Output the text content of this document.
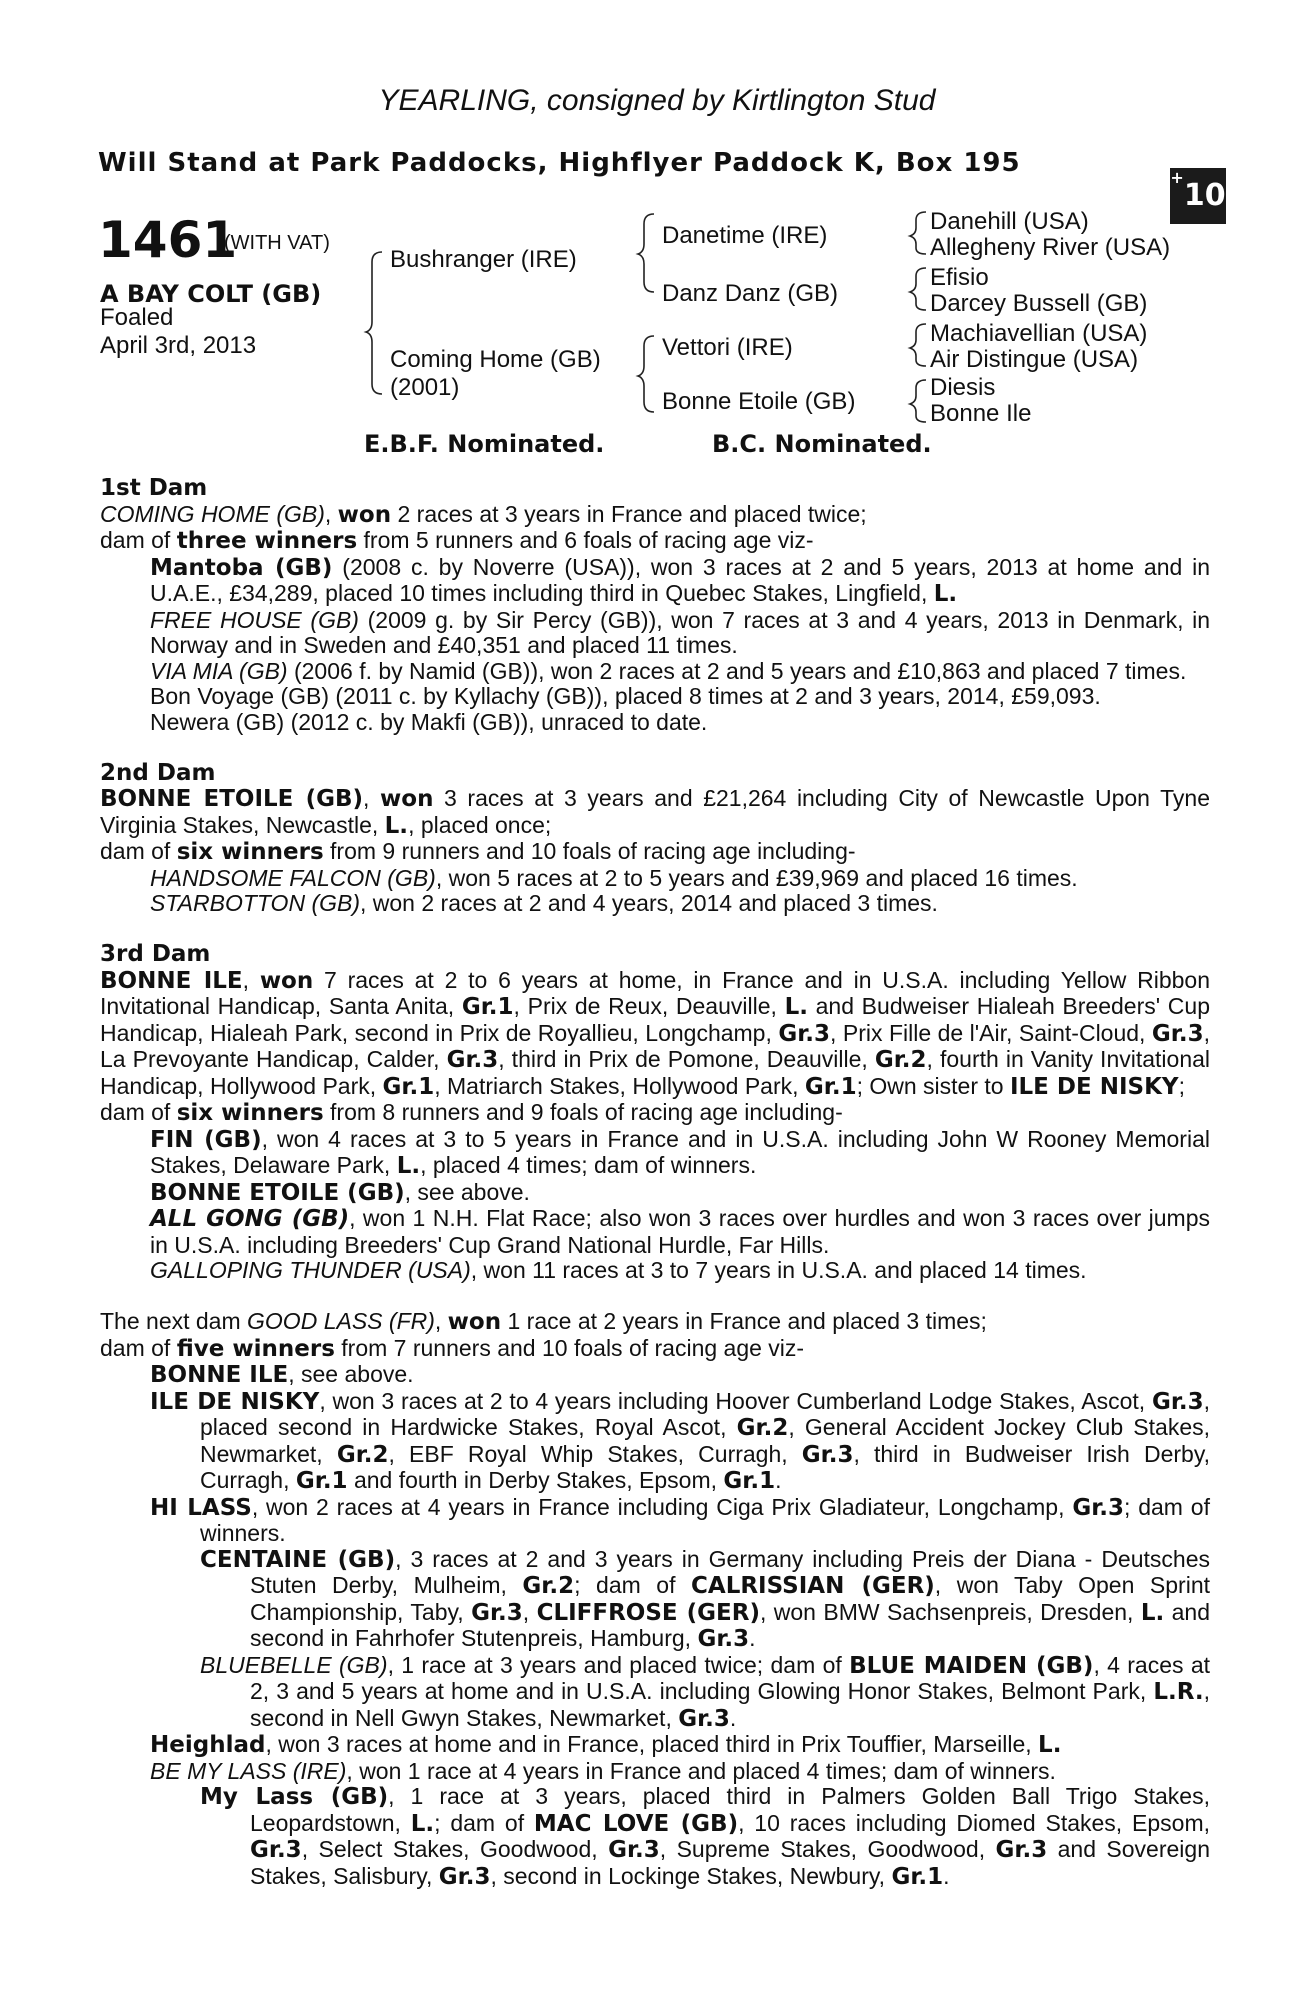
YEARLING, consigned by Kirtlington Stud
Will Stand at Park Paddocks, Highflyer Paddock K, Box 195	+10
1461
(WITH VAT)
A BAY COLT (GB)
Foaled
April 3rd, 2013
Bushranger (IRE)
Coming Home (GB)
(2001)
Danetime (IRE)
Danz Danz (GB)
Vettori (IRE)
Bonne Etoile (GB)
Danehill (USA)
Allegheny River (USA)
Efisio
Darcey Bussell (GB)
Machiavellian (USA)
Air Distingue (USA)
Diesis
Bonne Ile
E.B.F. Nominated.	B.C. Nominated.
1st Dam

COMING HOME (GB), won 2 races at 3 years in France and placed twice;

dam of three winners from 5 runners and 6 foals of racing age viz-

Mantoba (GB) (2008 c. by Noverre (USA)), won 3 races at 2 and 5 years, 2013 at home and in U.A.E., £34,289, placed 10 times including third in Quebec Stakes, Lingfield, L.

FREE HOUSE (GB) (2009 g. by Sir Percy (GB)), won 7 races at 3 and 4 years, 2013 in Denmark, in Norway and in Sweden and £40,351 and placed 11 times.

VIA MIA (GB) (2006 f. by Namid (GB)), won 2 races at 2 and 5 years and £10,863 and placed 7 times.

Bon Voyage (GB) (2011 c. by Kyllachy (GB)), placed 8 times at 2 and 3 years, 2014, £59,093.

Newera (GB) (2012 c. by Makfi (GB)), unraced to date.

2nd Dam

BONNE ETOILE (GB), won 3 races at 3 years and £21,264 including City of Newcastle Upon Tyne Virginia Stakes, Newcastle, L., placed once;

dam of six winners from 9 runners and 10 foals of racing age including-

HANDSOME FALCON (GB), won 5 races at 2 to 5 years and £39,969 and placed 16 times.

STARBOTTON (GB), won 2 races at 2 and 4 years, 2014 and placed 3 times.

3rd Dam

BONNE ILE, won 7 races at 2 to 6 years at home, in France and in U.S.A. including Yellow Ribbon Invitational Handicap, Santa Anita, Gr.1, Prix de Reux, Deauville, L. and Budweiser Hialeah Breeders' Cup Handicap, Hialeah Park, second in Prix de Royallieu, Longchamp, Gr.3, Prix Fille de l'Air, Saint-Cloud, Gr.3, La Prevoyante Handicap, Calder, Gr.3, third in Prix de Pomone, Deauville, Gr.2, fourth in Vanity Invitational Handicap, Hollywood Park, Gr.1, Matriarch Stakes, Hollywood Park, Gr.1; Own sister to ILE DE NISKY;

dam of six winners from 8 runners and 9 foals of racing age including-

FIN (GB), won 4 races at 3 to 5 years in France and in U.S.A. including John W Rooney Memorial Stakes, Delaware Park, L., placed 4 times; dam of winners.

BONNE ETOILE (GB), see above.

ALL GONG (GB), won 1 N.H. Flat Race; also won 3 races over hurdles and won 3 races over jumps in U.S.A. including Breeders' Cup Grand National Hurdle, Far Hills.

GALLOPING THUNDER (USA), won 11 races at 3 to 7 years in U.S.A. and placed 14 times.

The next dam GOOD LASS (FR), won 1 race at 2 years in France and placed 3 times;

dam of five winners from 7 runners and 10 foals of racing age viz-

BONNE ILE, see above.

ILE DE NISKY, won 3 races at 2 to 4 years including Hoover Cumberland Lodge Stakes, Ascot, Gr.3, placed second in Hardwicke Stakes, Royal Ascot, Gr.2, General Accident Jockey Club Stakes, Newmarket, Gr.2, EBF Royal Whip Stakes, Curragh, Gr.3, third in Budweiser Irish Derby, Curragh, Gr.1 and fourth in Derby Stakes, Epsom, Gr.1.

HI LASS, won 2 races at 4 years in France including Ciga Prix Gladiateur, Longchamp, Gr.3; dam of winners.

CENTAINE (GB), 3 races at 2 and 3 years in Germany including Preis der Diana - Deutsches Stuten Derby, Mulheim, Gr.2; dam of CALRISSIAN (GER), won Taby Open Sprint Championship, Taby, Gr.3, CLIFFROSE (GER), won BMW Sachsenpreis, Dresden, L. and second in Fahrhofer Stutenpreis, Hamburg, Gr.3.

BLUEBELLE (GB), 1 race at 3 years and placed twice; dam of BLUE MAIDEN (GB), 4 races at 2, 3 and 5 years at home and in U.S.A. including Glowing Honor Stakes, Belmont Park, L.R., second in Nell Gwyn Stakes, Newmarket, Gr.3.

Heighlad, won 3 races at home and in France, placed third in Prix Touffier, Marseille, L.

BE MY LASS (IRE), won 1 race at 4 years in France and placed 4 times; dam of winners.

My Lass (GB), 1 race at 3 years, placed third in Palmers Golden Ball Trigo Stakes, Leopardstown, L.; dam of MAC LOVE (GB), 10 races including Diomed Stakes, Epsom, Gr.3, Select Stakes, Goodwood, Gr.3, Supreme Stakes, Goodwood, Gr.3 and Sovereign Stakes, Salisbury, Gr.3, second in Lockinge Stakes, Newbury, Gr.1.
